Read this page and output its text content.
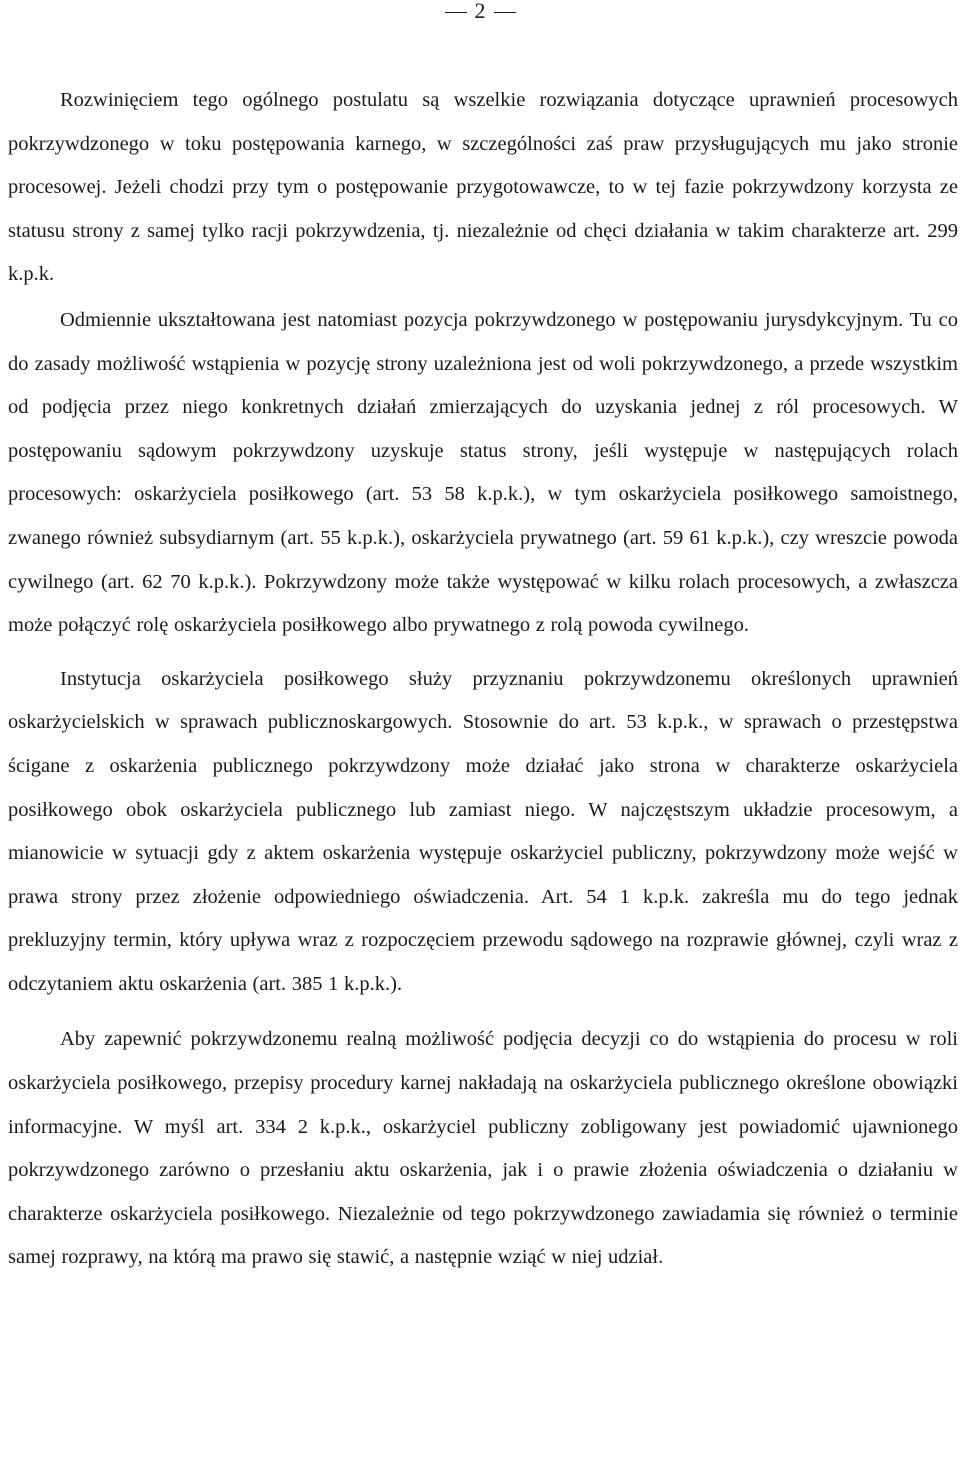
2

Rozwinięciem tego ogólnego postulatu są wszelkie rozwiązania dotyczące uprawnień procesowych pokrzywdzonego w toku postępowania karnego, w szczególności zaś praw przysługujących mu jako stronie procesowej. Jeżeli chodzi przy tym o postępowanie przygotowawcze, to w tej fazie pokrzywdzony korzysta ze statusu strony z samej tylko racji pokrzywdzenia, tj. niezależnie od chęci działania w takim charakterze art. 299 k.p.k.

Odmiennie ukształtowana jest natomiast pozycja pokrzywdzonego w postępowaniu jurysdykcyjnym. Tu co do zasady możliwość wstąpienia w pozycję strony uzależniona jest od woli pokrzywdzonego, a przede wszystkim od podjęcia przez niego konkretnych działań zmierzających do uzyskania jednej z ról procesowych. W postępowaniu sądowym pokrzywdzony uzyskuje status strony, jeśli występuje w następujących rolach procesowych: oskarżyciela posiłkowego (art. 53 58 k.p.k.), w tym oskarżyciela posiłkowego samoistnego, zwanego również subsydiarnym (art. 55 k.p.k.), oskarżyciela prywatnego (art. 59 61 k.p.k.), czy wreszcie powoda cywilnego (art. 62 70 k.p.k.). Pokrzywdzony może także występować w kilku rolach procesowych, a zwłaszcza może połączyć rolę oskarżyciela posiłkowego albo prywatnego z rolą powoda cywilnego.

Instytucja oskarżyciela posiłkowego służy przyznaniu pokrzywdzonemu określonych uprawnień oskarżycielskich w sprawach publicznoskargowych. Stosownie do art. 53 k.p.k., w sprawach o przestępstwa ścigane z oskarżenia publicznego pokrzywdzony może działać jako strona w charakterze oskarżyciela posiłkowego obok oskarżyciela publicznego lub zamiast niego. W najczęstszym układzie procesowym, a mianowicie w sytuacji gdy z aktem oskarżenia występuje oskarżyciel publiczny, pokrzywdzony może wejść w prawa strony przez złożenie odpowiedniego oświadczenia. Art. 54 1 k.p.k. zakreśla mu do tego jednak prekluzyjny termin, który upływa wraz z rozpoczęciem przewodu sądowego na rozprawie głównej, czyli wraz z odczytaniem aktu oskarżenia (art. 385 1 k.p.k.).

Aby zapewnić pokrzywdzonemu realną możliwość podjęcia decyzji co do wstąpienia do procesu w roli oskarżyciela posiłkowego, przepisy procedury karnej nakładają na oskarżyciela publicznego określone obowiązki informacyjne. W myśl art. 334 2 k.p.k., oskarżyciel publiczny zobligowany jest powiadomić ujawnionego pokrzywdzonego zarówno o przesłaniu aktu oskarżenia, jak i o prawie złożenia oświadczenia o działaniu w charakterze oskarżyciela posiłkowego. Niezależnie od tego pokrzywdzonego zawiadamia się również o terminie samej rozprawy, na którą ma prawo się stawić, a następnie wziąć w niej udział.
